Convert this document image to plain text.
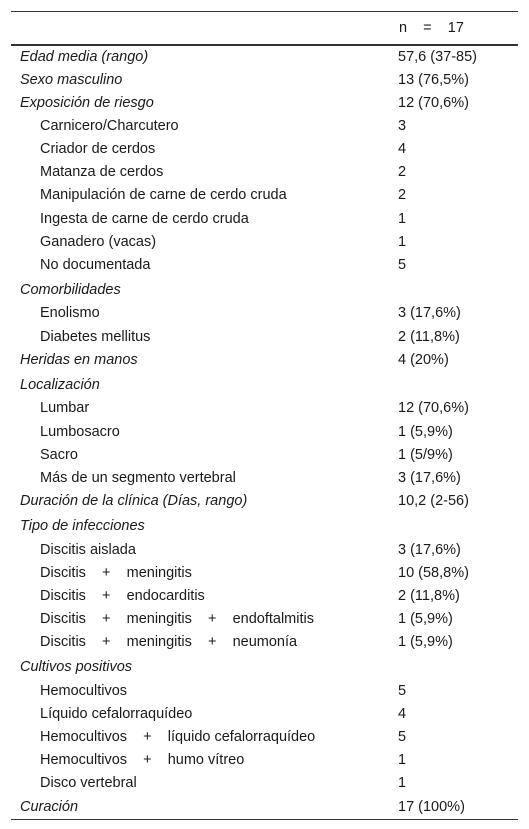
	n    =    17
Edad media (rango)	57,6 (37-85)
Sexo masculino	13 (76,5%)
Exposición de riesgo	12 (70,6%)
Carnicero/Charcutero	3
Criador de cerdos	4
Matanza de cerdos	2
Manipulación de carne de cerdo cruda	2
Ingesta de carne de cerdo cruda	1
Ganadero (vacas)	1
No documentada	5
Comorbilidades	
Enolismo	3 (17,6%)
Diabetes mellitus	2 (11,8%)
Heridas en manos	4 (20%)
Localización	
Lumbar	12 (70,6%)
Lumbosacro	1 (5,9%)
Sacro	1 (5/9%)
Más de un segmento vertebral	3 (17,6%)
Duración de la clínica (Días, rango)	10,2 (2-56)
Tipo de infecciones	
Discitis aislada	3 (17,6%)
Discitis    +    meningitis	10 (58,8%)
Discitis    +    endocarditis	2 (11,8%)
Discitis    +    meningitis    +    endoftalmitis	1 (5,9%)
Discitis    +    meningitis    +    neumonía	1 (5,9%)
Cultivos positivos	
Hemocultivos	5
Líquido cefalorraquídeo	4
Hemocultivos    +    líquido cefalorraquídeo	5
Hemocultivos    +    humo vítreo	1
Disco vertebral	1
Curación	17 (100%)
